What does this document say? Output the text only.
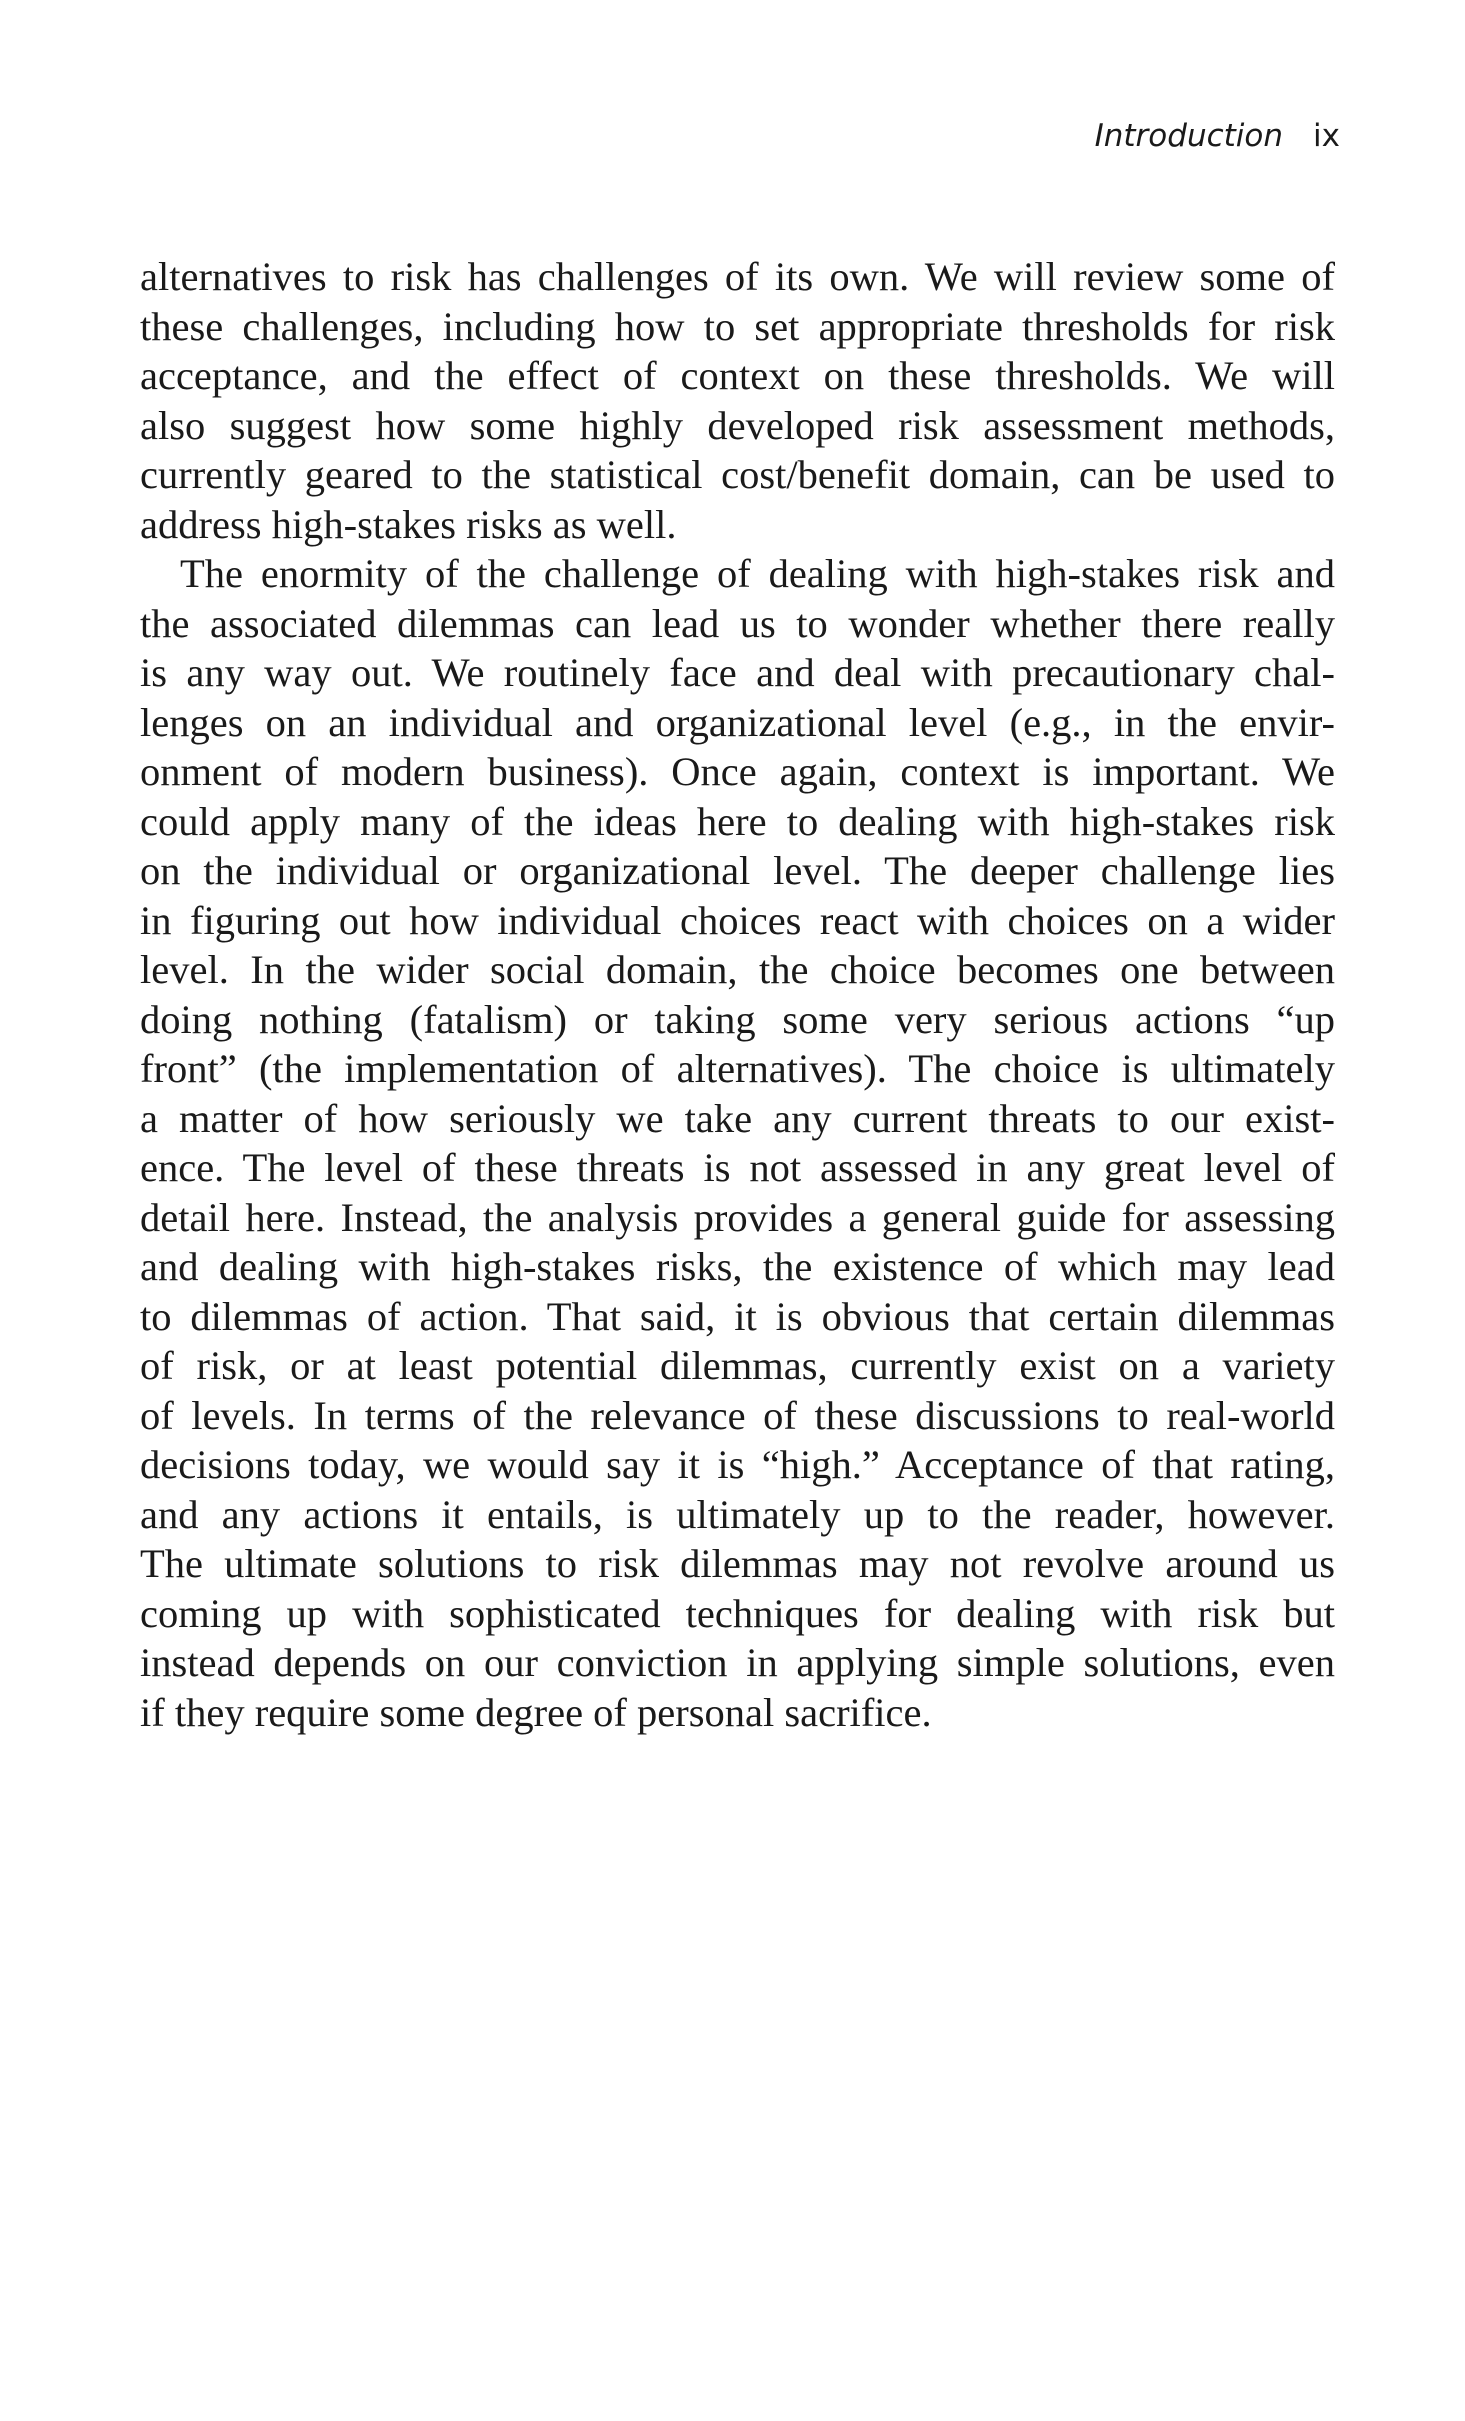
Introduction ix

alternatives to risk has challenges of its own. We will review some of
these challenges, including how to set appropriate thresholds for risk
acceptance, and the effect of context on these thresholds. We will
also suggest how some highly developed risk assessment methods,
currently geared to the statistical cost/benefit domain, can be used to
address high-stakes risks as well.

The enormity of the challenge of dealing with high-stakes risk and
the associated dilemmas can lead us to wonder whether there really
is any way out. We routinely face and deal with precautionary chal-
lenges on an individual and organizational level (e.g., in the envir-
onment of modern business). Once again, context is important. We
could apply many of the ideas here to dealing with high-stakes risk
on the individual or organizational level. The deeper challenge lies
in figuring out how individual choices react with choices on a wider
level. In the wider social domain, the choice becomes one between
doing nothing (fatalism) or taking some very serious actions “up
front” (the implementation of alternatives). The choice is ultimately
a matter of how seriously we take any current threats to our exist-
ence. The level of these threats is not assessed in any great level of
detail here. Instead, the analysis provides a general guide for assessing
and dealing with high-stakes risks, the existence of which may lead
to dilemmas of action. That said, it is obvious that certain dilemmas
of risk, or at least potential dilemmas, currently exist on a variety
of levels. In terms of the relevance of these discussions to real-world
decisions today, we would say it is “high.” Acceptance of that rating,
and any actions it entails, is ultimately up to the reader, however.
The ultimate solutions to risk dilemmas may not revolve around us
coming up with sophisticated techniques for dealing with risk but
instead depends on our conviction in applying simple solutions, even
if they require some degree of personal sacrifice.
